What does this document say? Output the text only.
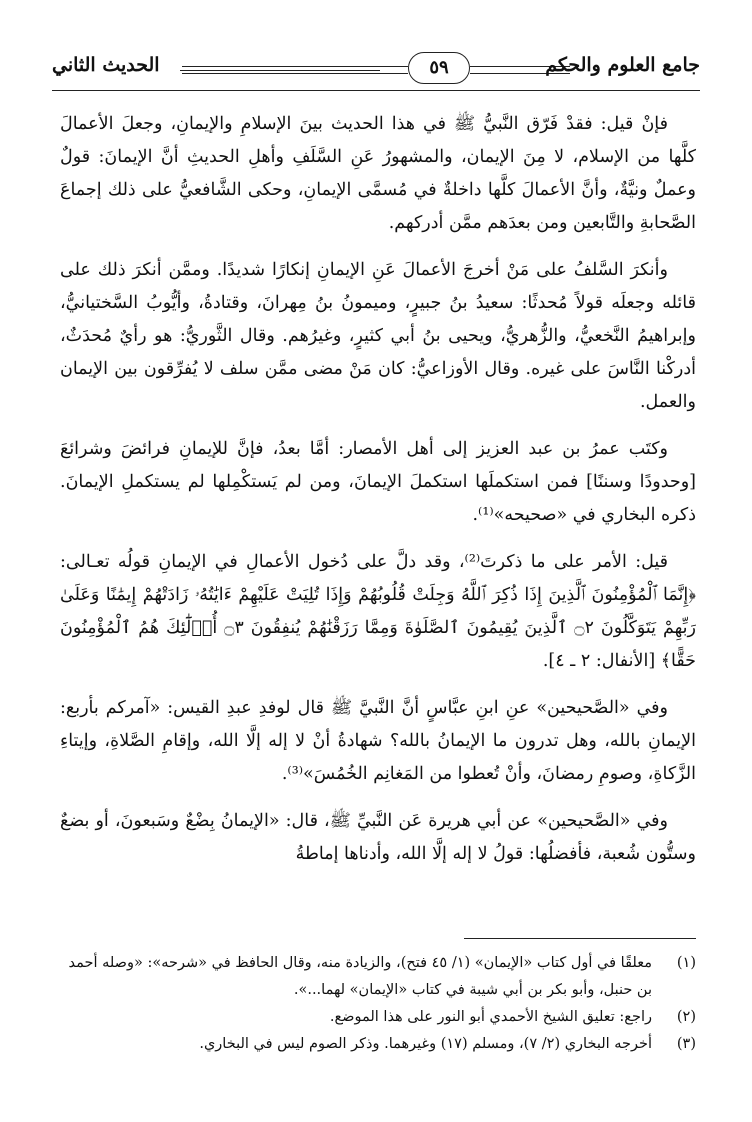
جامع العلوم والحكم
٥٩
الحديث الثاني

فإنْ قيل: فقدْ فَرّق النَّبيُّ ﷺ في هذا الحديث بينَ الإسلامِ والإيمانِ، وجعلَ الأعمالَ كلَّها من الإسلام، لا مِنَ الإيمان، والمشهورُ عَنِ السَّلَفِ وأهلِ الحديثِ أنَّ الإيمانَ: قولٌ وعملٌ ونيَّةٌ، وأنَّ الأعمالَ كلَّها داخلةٌ في مُسمَّى الإيمانِ، وحكى الشَّافعيُّ على ذلك إجماعَ الصَّحابةِ والتَّابعين ومن بعدَهم ممَّن أدركهم.

وأنكرَ السَّلفُ على مَنْ أخرجَ الأعمالَ عَنِ الإيمانِ إنكارًا شديدًا. وممَّن أنكرَ ذلك على قائله وجعلَه قولاً مُحدثًا: سعيدُ بنُ جبيرٍ، وميمونُ بنُ مِهرانَ، وقتادةُ، وأيُّوبُ السَّختيانيُّ، وإبراهيمُ النَّخعيُّ، والزُّهريُّ، ويحيى بنُ أبي كثيرٍ، وغيرُهم. وقال الثَّوريُّ: هو رأيٌ مُحدَثٌ، أدركْنا النَّاسَ على غيره. وقال الأوزاعيُّ: كان مَنْ مضى ممَّن سلف لا يُفرِّقون بين الإيمان والعمل.

وكتَب عمرُ بن عبد العزيز إلى أهل الأمصار: أمَّا بعدُ، فإنَّ للإيمانِ فرائضَ وشرائعَ [وحدودًا وسننًا] فمن استكملَها استكملَ الإيمانَ، ومن لم يَستكْمِلها لم يستكملِ الإيمانَ. ذكره البخاري في «صحيحه»⁽¹⁾.

قيل: الأمر على ما ذكرتَ⁽²⁾، وقد دلَّ على دُخول الأعمالِ في الإيمانِ قولُه تعـالى: ﴿إِنَّمَا ٱلْمُؤْمِنُونَ ٱلَّذِينَ إِذَا ذُكِرَ ٱللَّهُ وَجِلَتْ قُلُوبُهُمْ وَإِذَا تُلِيَتْ عَلَيْهِمْ ءَايَٰتُهُۥ زَادَتْهُمْ إِيمَٰنًا وَعَلَىٰ رَبِّهِمْ يَتَوَكَّلُونَ ۝٢ ٱلَّذِينَ يُقِيمُونَ ٱلصَّلَوٰةَ وَمِمَّا رَزَقْنَٰهُمْ يُنفِقُونَ ۝٣ أُو۟لَٰٓئِكَ هُمُ ٱلْمُؤْمِنُونَ حَقًّا﴾ [الأنفال: ٢ ـ ٤].

وفي «الصَّحيحين» عنِ ابنِ عبَّاسٍ أنَّ النَّبيَّ ﷺ قال لوفدِ عبدِ القيس: «آمركم بأربع: الإيمانِ بالله، وهل تدرون ما الإيمانُ بالله؟ شهادةُ أنْ لا إله إلَّا الله، وإقامِ الصَّلاةِ، وإيتاءِ الزَّكاةِ، وصومِ رمضانَ، وأنْ تُعطوا من المَغانِم الخُمُسَ»⁽³⁾.

وفي «الصَّحيحين» عن أبي هريرة عَن النَّبيِّ ﷺ، قال: «الإيمانُ بِضْعٌ وسَبعونَ، أو بضعٌ وستُّون شُعبة، فأفضلُها: قولُ لا إله إلَّا الله، وأدناها إماطةُ

(١)
معلقًا في أول كتاب «الإيمان» (١/ ٤٥ فتح)، والزيادة منه، وقال الحافظ في «شرحه»: «وصله أحمد بن حنبل، وأبو بكر بن أبي شيبة في كتاب «الإيمان» لهما...».

(٢)
راجع: تعليق الشيخ الأحمدي أبو النور على هذا الموضع.

(٣)
أخرجه البخاري (٢/ ٧)، ومسلم (١٧) وغيرهما. وذكر الصوم ليس في البخاري.
